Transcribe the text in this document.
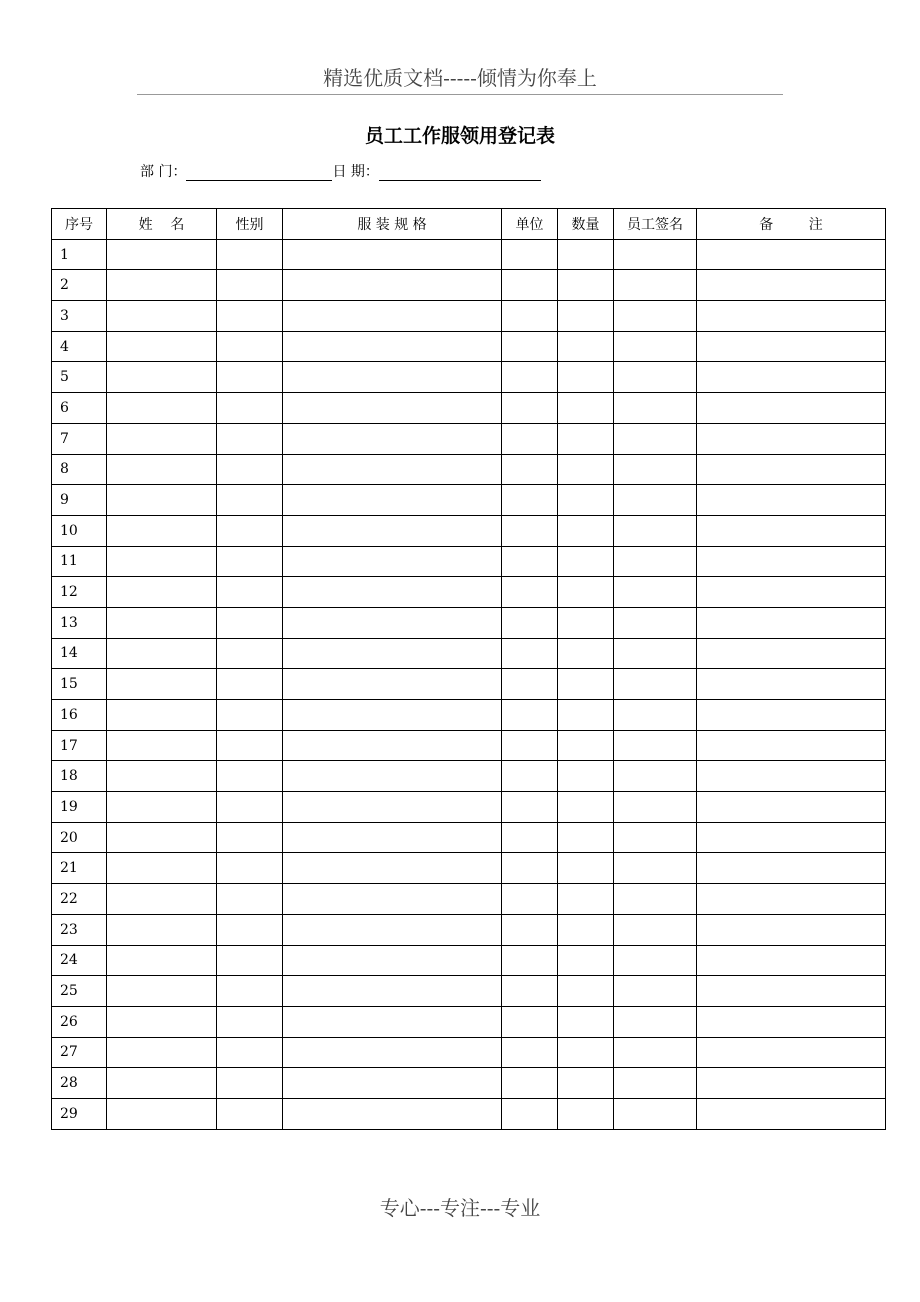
精选优质文档-----倾情为你奉上
员工工作服领用登记表
部 门：	日 期：
序号	姓    名	性别	服 装 规 格	单位	数量	员工签名	备        注
1							
2							
3							
4							
5							
6							
7							
8							
9							
10							
11							
12							
13							
14							
15							
16							
17							
18							
19							
20							
21							
22							
23							
24							
25							
26							
27							
28							
29							
专心---专注---专业
